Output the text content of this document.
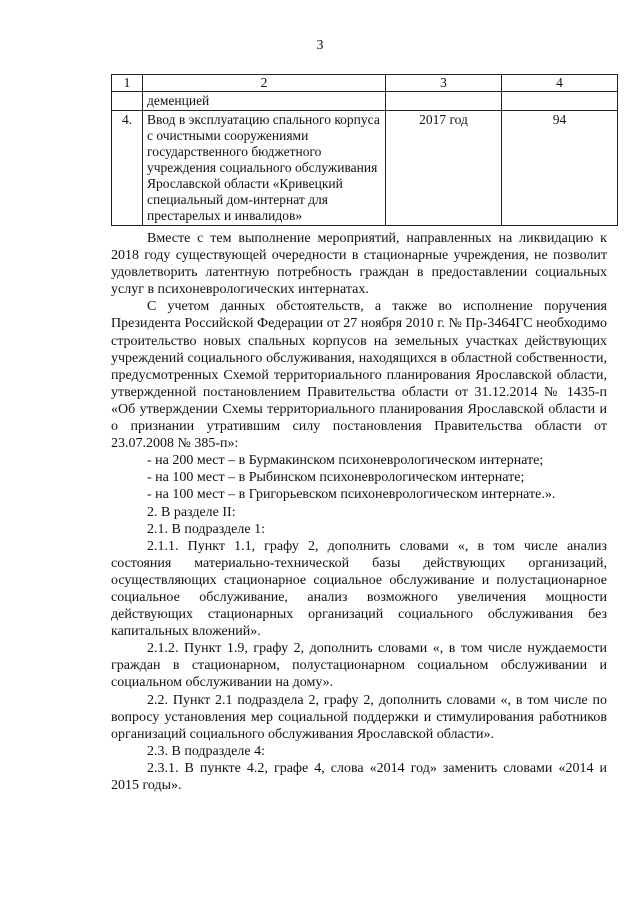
3
1	2	3	4
	деменцией		
4.	Ввод в эксплуатацию спального корпуса с очистными сооружениями государственного бюджетного учреждения социального обслуживания Ярославской области «Кривецкий специальный дом-интернат для престарелых и инвалидов»	2017 год	94

Вместе с тем выполнение мероприятий, направленных на ликвидацию к 2018 году существующей очередности в стационарные учреждения, не позволит удовлетворить латентную потребность граждан в предоставлении социальных услуг в психоневрологических интернатах.

С учетом данных обстоятельств, а также во исполнение поручения Президента Российской Федерации от 27 ноября 2010 г. № Пр-3464ГС необходимо строительство новых спальных корпусов на земельных участках действующих учреждений социального обслуживания, находящихся в областной собственности, предусмотренных Схемой территориального планирования Ярославской области, утвержденной постановлением Правительства области от 31.12.2014 № 1435-п «Об утверждении Схемы территориального планирования Ярославской области и о признании утратившим силу постановления Правительства области от 23.07.2008 № 385-п»:

- на 200 мест – в Бурмакинском психоневрологическом интернате;

- на 100 мест – в Рыбинском психоневрологическом интернате;

- на 100 мест – в Григорьевском психоневрологическом интернате.».

2. В разделе II:

2.1. В подразделе 1:

2.1.1. Пункт 1.1, графу 2, дополнить словами «, в том числе анализ состояния материально-технической базы действующих организаций, осуществляющих стационарное социальное обслуживание и полустационарное социальное обслуживание, анализ возможного увеличения мощности действующих стационарных организаций социального обслуживания без капитальных вложений».

2.1.2. Пункт 1.9, графу 2, дополнить словами «, в том числе нуждаемости граждан в стационарном, полустационарном социальном обслуживании и социальном обслуживании на дому».

2.2. Пункт 2.1 подраздела 2, графу 2, дополнить словами «, в том числе по вопросу установления мер социальной поддержки и стимулирования работников организаций социального обслуживания Ярославской области».

2.3. В подразделе 4:

2.3.1. В пункте 4.2, графе 4, слова «2014 год» заменить словами «2014 и 2015 годы».
